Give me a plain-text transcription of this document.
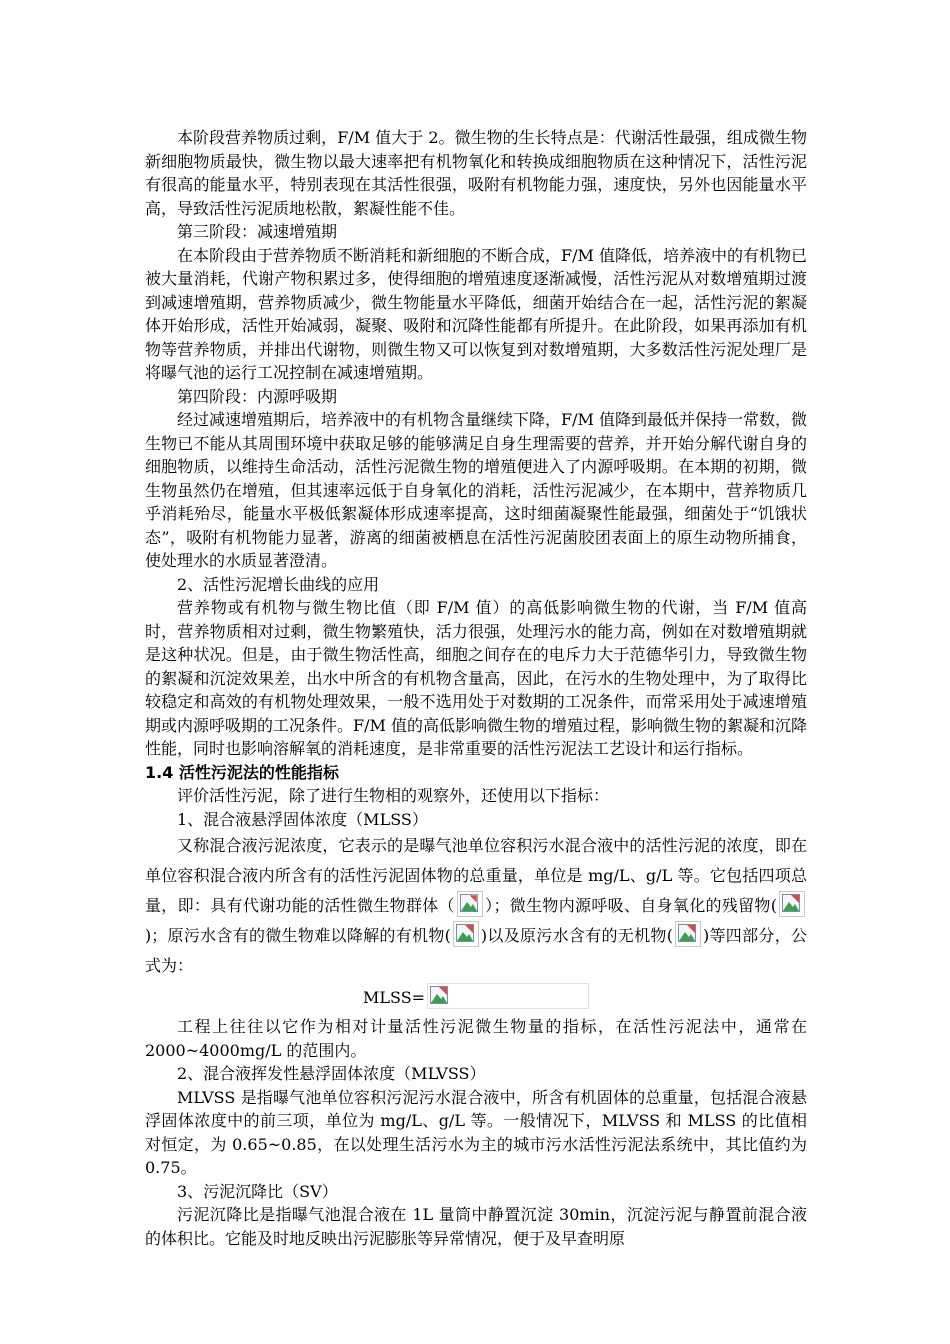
本阶段营养物质过剩，F/M 值大于 2。微生物的生长特点是：代谢活性最强，组成微生物新细胞物质最快，微生物以最大速率把有机物氧化和转换成细胞物质在这种情况下，活性污泥有很高的能量水平，特别表现在其活性很强，吸附有机物能力强，速度快，另外也因能量水平高，导致活性污泥质地松散，絮凝性能不佳。

第三阶段：减速增殖期

在本阶段由于营养物质不断消耗和新细胞的不断合成，F/M 值降低，培养液中的有机物已被大量消耗，代谢产物积累过多，使得细胞的增殖速度逐渐减慢，活性污泥从对数增殖期过渡到减速增殖期，营养物质减少，微生物能量水平降低，细菌开始结合在一起，活性污泥的絮凝体开始形成，活性开始减弱，凝聚、吸附和沉降性能都有所提升。在此阶段，如果再添加有机物等营养物质，并排出代谢物，则微生物又可以恢复到对数增殖期，大多数活性污泥处理厂是将曝气池的运行工况控制在减速增殖期。

第四阶段：内源呼吸期

经过减速增殖期后，培养液中的有机物含量继续下降，F/M 值降到最低并保持一常数，微生物已不能从其周围环境中获取足够的能够满足自身生理需要的营养，并开始分解代谢自身的细胞物质，以维持生命活动，活性污泥微生物的增殖便进入了内源呼吸期。在本期的初期，微生物虽然仍在增殖，但其速率远低于自身氧化的消耗，活性污泥减少，在本期中，营养物质几乎消耗殆尽，能量水平极低絮凝体形成速率提高，这时细菌凝聚性能最强，细菌处于“饥饿状态”，吸附有机物能力显著，游离的细菌被栖息在活性污泥菌胶团表面上的原生动物所捕食，使处理水的水质显著澄清。

2、活性污泥增长曲线的应用

营养物或有机物与微生物比值（即 F/M 值）的高低影响微生物的代谢，当 F/M 值高时，营养物质相对过剩，微生物繁殖快，活力很强，处理污水的能力高，例如在对数增殖期就是这种状况。但是，由于微生物活性高，细胞之间存在的电斥力大于范德华引力，导致微生物的絮凝和沉淀效果差，出水中所含的有机物含量高，因此，在污水的生物处理中，为了取得比较稳定和高效的有机物处理效果，一般不选用处于对数期的工况条件，而常采用处于减速增殖期或内源呼吸期的工况条件。F/M 值的高低影响微生物的增殖过程，影响微生物的絮凝和沉降性能，同时也影响溶解氧的消耗速度，是非常重要的活性污泥法工艺设计和运行指标。

1.4 活性污泥法的性能指标

评价活性污泥，除了进行生物相的观察外，还使用以下指标：

1、混合液悬浮固体浓度（MLSS）

又称混合液污泥浓度，它表示的是曝气池单位容积污水混合液中的活性污泥的浓度，即在单位容积混合液内所含有的活性污泥固体物的总重量，单位是 mg/L、g/L 等。它包括四项总量，即：具有代谢功能的活性微生物群体（ ）；微生物内源呼吸、自身氧化的残留物(
)；原污水含有的微生物难以降解的有机物( )以及原污水含有的无机物( )等四部分，公式为：

MLSS=

工程上往往以它作为相对计量活性污泥微生物量的指标，在活性污泥法中，通常在 2000~4000mg/L 的范围内。

2、混合液挥发性悬浮固体浓度（MLVSS）

MLVSS 是指曝气池单位容积污泥污水混合液中，所含有机固体的总重量，包括混合液悬浮固体浓度中的前三项，单位为 mg/L、g/L 等。一般情况下，MLVSS 和 MLSS 的比值相对恒定，为 0.65~0.85，在以处理生活污水为主的城市污水活性污泥法系统中，其比值约为 0.75。

3、污泥沉降比（SV）

污泥沉降比是指曝气池混合液在 1L 量筒中静置沉淀 30min，沉淀污泥与静置前混合液的体积比。它能及时地反映出污泥膨胀等异常情况，便于及早查明原
